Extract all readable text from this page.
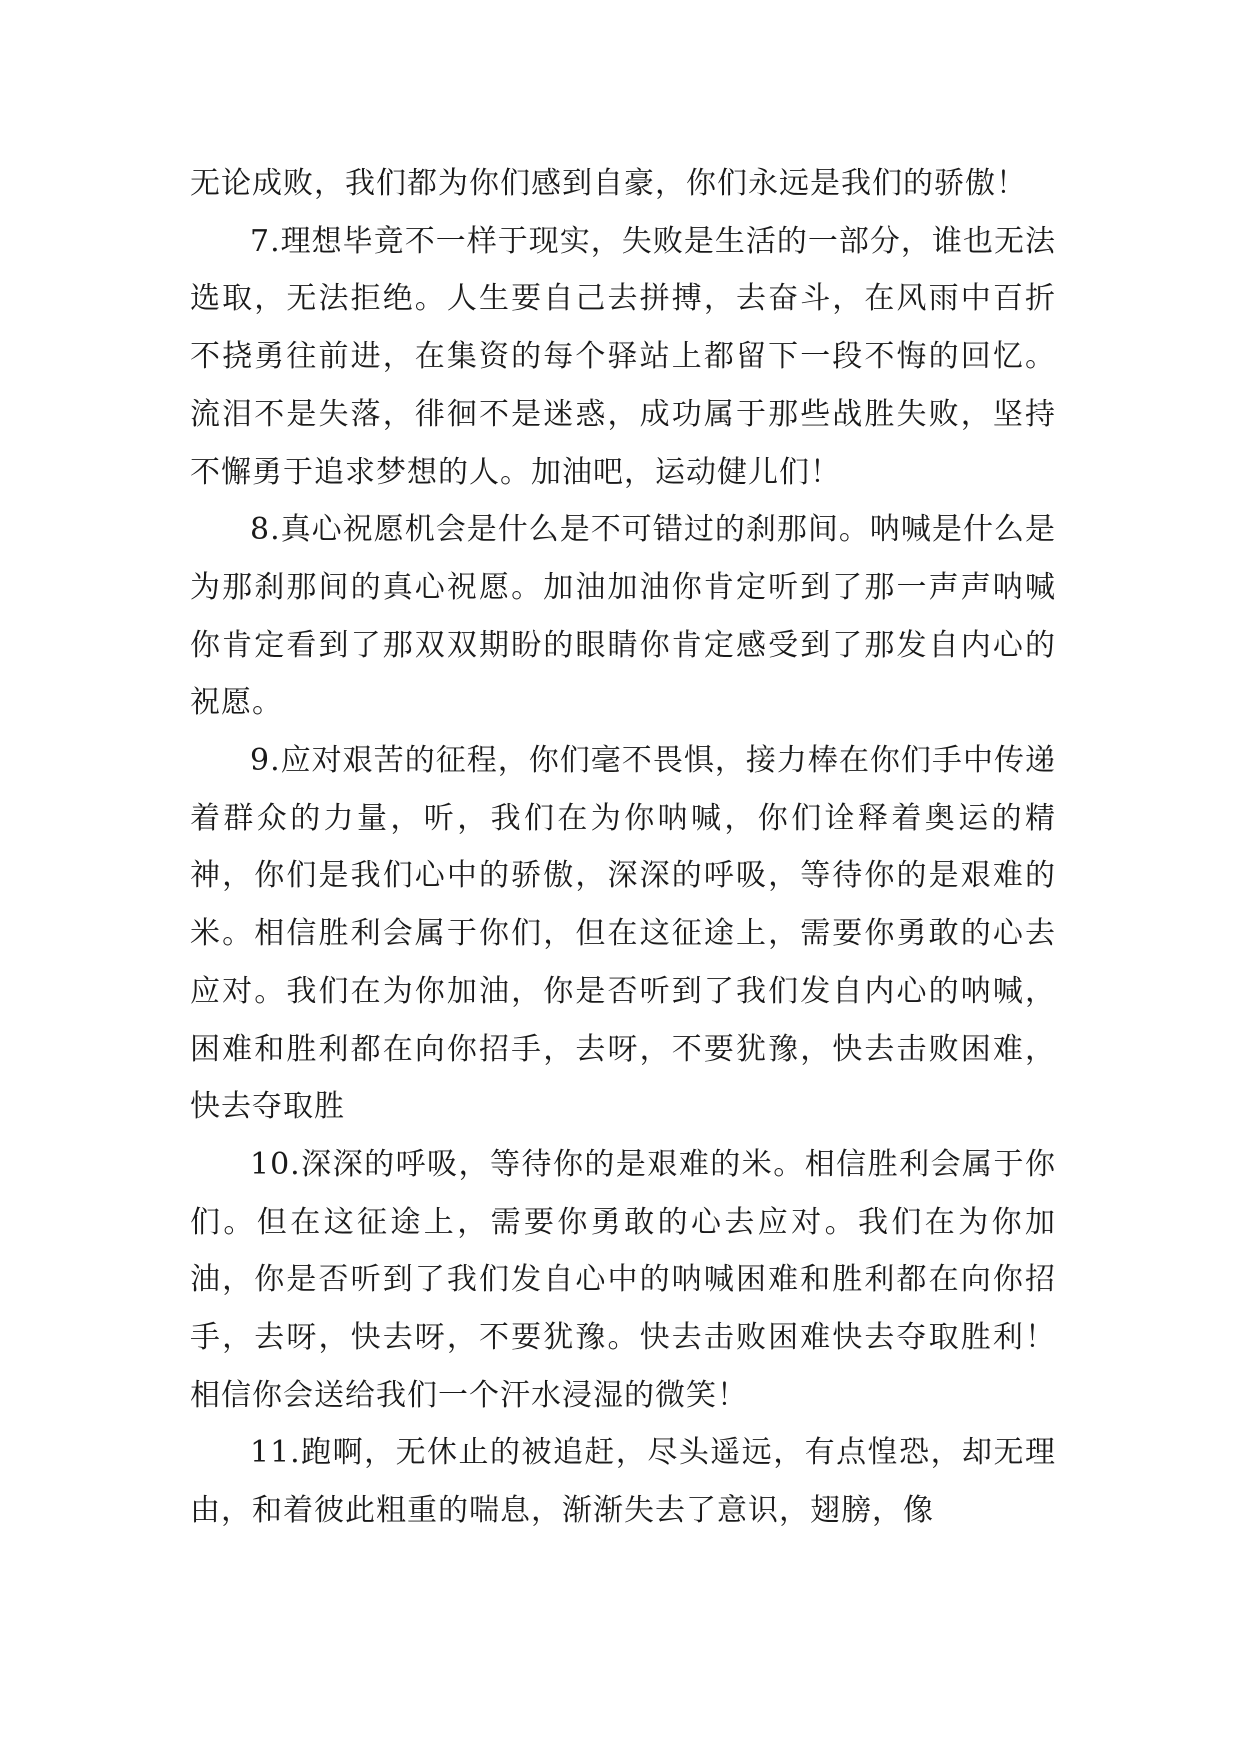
无论成败，我们都为你们感到自豪，你们永远是我们的骄傲！

7.理想毕竟不一样于现实，失败是生活的一部分，谁也无法选取，无法拒绝。人生要自己去拼搏，去奋斗，在风雨中百折不挠勇往前进，在集资的每个驿站上都留下一段不悔的回忆。流泪不是失落，徘徊不是迷惑，成功属于那些战胜失败，坚持不懈勇于追求梦想的人。加油吧，运动健儿们！

8.真心祝愿机会是什么是不可错过的刹那间。呐喊是什么是为那刹那间的真心祝愿。加油加油你肯定听到了那一声声呐喊你肯定看到了那双双期盼的眼睛你肯定感受到了那发自内心的祝愿。

9.应对艰苦的征程，你们毫不畏惧，接力棒在你们手中传递着群众的力量，听，我们在为你呐喊，你们诠释着奥运的精神，你们是我们心中的骄傲，深深的呼吸，等待你的是艰难的米。相信胜利会属于你们，但在这征途上，需要你勇敢的心去应对。我们在为你加油，你是否听到了我们发自内心的呐喊，困难和胜利都在向你招手，去呀，不要犹豫，快去击败困难，快去夺取胜

10.深深的呼吸，等待你的是艰难的米。相信胜利会属于你们。但在这征途上，需要你勇敢的心去应对。我们在为你加油，你是否听到了我们发自心中的呐喊困难和胜利都在向你招手，去呀，快去呀，不要犹豫。快去击败困难快去夺取胜利！相信你会送给我们一个汗水浸湿的微笑！

11.跑啊，无休止的被追赶，尽头遥远，有点惶恐，却无理由，和着彼此粗重的喘息，渐渐失去了意识，翅膀，像
